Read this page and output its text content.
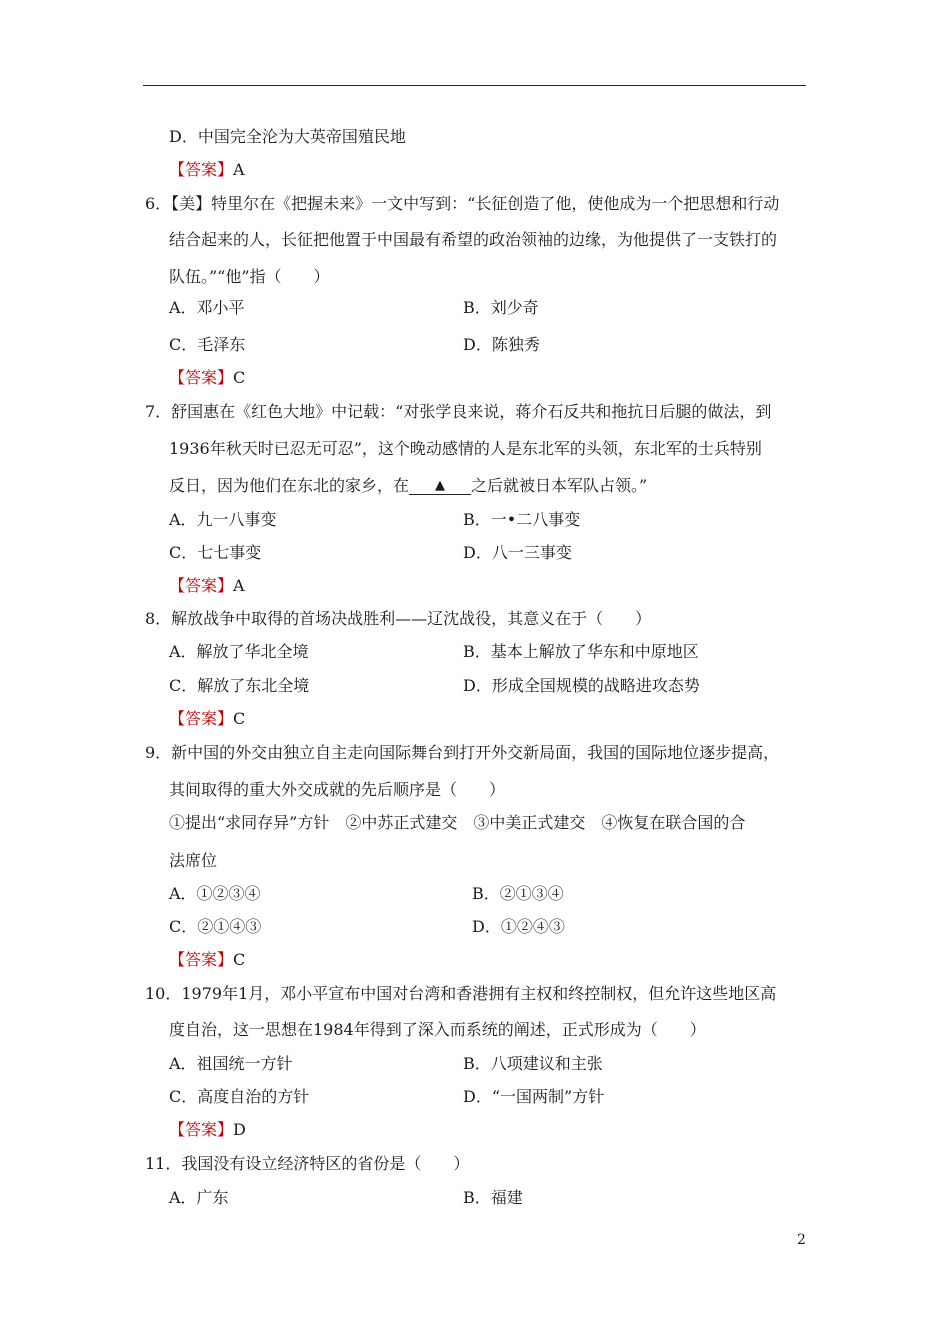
D．中国完全沦为大英帝国殖民地
【答案】A
6．【美】特里尔在《把握未来》一文中写到：“长征创造了他，使他成为一个把思想和行动
结合起来的人，长征把他置于中国最有希望的政治领袖的边缘，为他提供了一支铁打的
队伍。”“他”指（　　）
A．邓小平	B．刘少奇
C．毛泽东	D．陈独秀
【答案】C
7．舒国惠在《红色大地》中记载：“对张学良来说，蒋介石反共和拖抗日后腿的做法，到
1936年秋天时已忍无可忍”，这个晚动感情的人是东北军的头领，东北军的士兵特别
反日，因为他们在东北的家乡，在 ▲ 之后就被日本军队占领。”
A．九一八事变	B．一•二八事变
C．七七事变	D．八一三事变
【答案】A
8．解放战争中取得的首场决战胜利——辽沈战役，其意义在于（　　）
A．解放了华北全境	B．基本上解放了华东和中原地区
C．解放了东北全境	D．形成全国规模的战略进攻态势
【答案】C
9．新中国的外交由独立自主走向国际舞台到打开外交新局面，我国的国际地位逐步提高，
其间取得的重大外交成就的先后顺序是（　　）
①提出“求同存异”方针　②中苏正式建交　③中美正式建交　④恢复在联合国的合
法席位
A．①②③④	B．②①③④
C．②①④③	D．①②④③
【答案】C
10．1979年1月，邓小平宣布中国对台湾和香港拥有主权和终控制权，但允许这些地区高
度自治，这一思想在1984年得到了深入而系统的阐述，正式形成为（　　）
A．祖国统一方针	B．八项建议和主张
C．高度自治的方针	D．“一国两制”方针
【答案】D
11．我国没有设立经济特区的省份是（　　）
A．广东	B．福建
2
